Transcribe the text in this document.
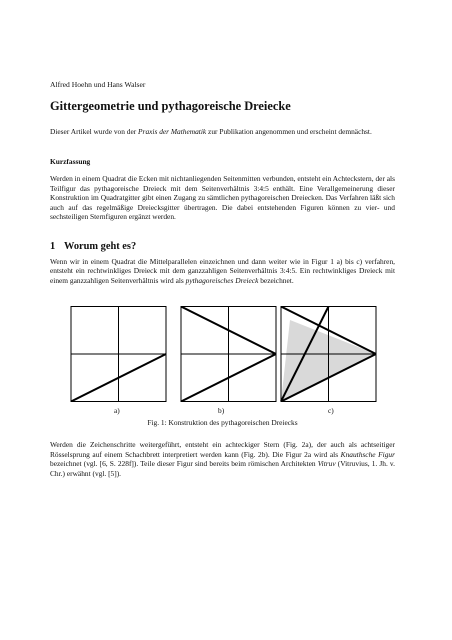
Alfred Hoehn und Hans Walser
Gittergeometrie und pythagoreische Dreiecke
Dieser Artikel wurde von der Praxis der Mathematik zur Publikation angenommen und erscheint demnächst.
Kurzfassung
Werden in einem Quadrat die Ecken mit nichtanliegenden Seitenmitten verbunden, entsteht ein Achteckstern, der als Teilfigur das pythagoreische Dreieck mit dem Seitenverhältnis 3:4:5 enthält. Eine Verallgemeinerung dieser Konstruktion im Quadratgitter gibt einen Zugang zu sämtlichen pythagoreischen Dreiecken. Das Verfahren läßt sich auch auf das regelmäßige Dreiecksgitter übertragen. Die dabei entstehenden Figuren können zu vier- und sechsteiligen Sternfiguren ergänzt werden.
1 Worum geht es?
Wenn wir in einem Quadrat die Mittelparallelen einzeichnen und dann weiter wie in Figur 1 a) bis c) verfahren, entsteht ein rechtwinkliges Dreieck mit dem ganzzahligen Seitenverhältnis 3:4:5. Ein rechtwinkliges Dreieck mit einem ganzzahligen Seitenverhältnis wird als pythagoreisches Dreieck bezeichnet.
a)	b)	c)
Fig. 1: Konstruktion des pythagoreischen Dreiecks
Werden die Zeichenschritte weitergeführt, entsteht ein achteckiger Stern (Fig. 2a), der auch als achtseitiger Rösselsprung auf einem Schachbrett interpretiert werden kann (Fig. 2b). Die Figur 2a wird als Knauthsche Figur bezeichnet (vgl. [6, S. 228f]). Teile dieser Figur sind bereits beim römischen Architekten Vitruv (Vitruvius, 1. Jh. v. Chr.) erwähnt (vgl. [5]).
